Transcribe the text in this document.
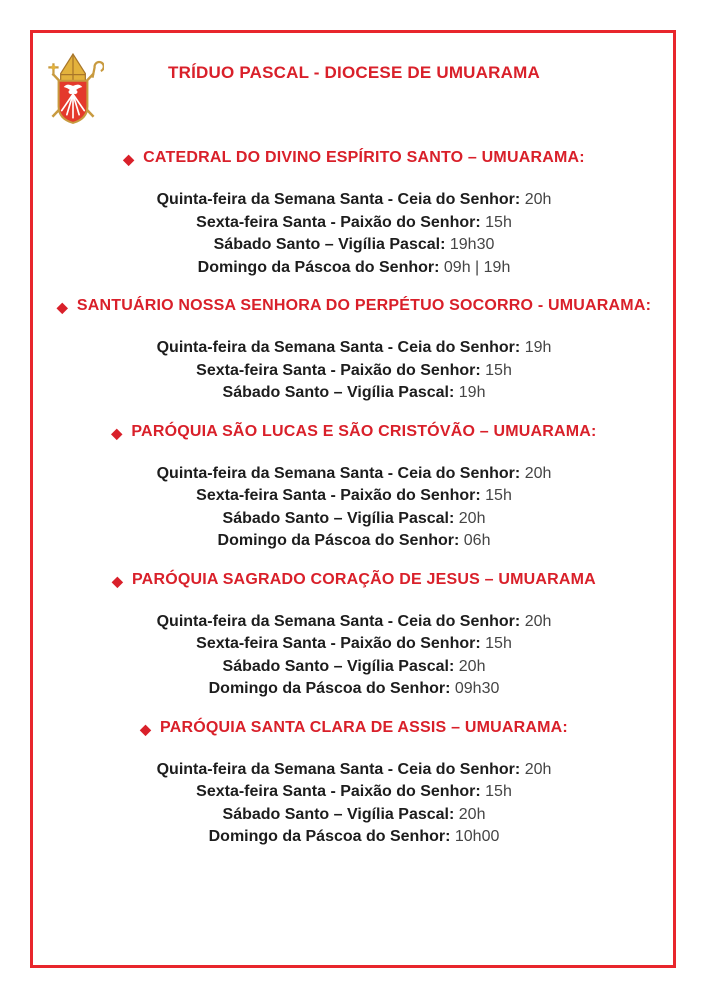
TRÍDUO PASCAL - DIOCESE DE UMUARAMA
◆ CATEDRAL DO DIVINO ESPÍRITO SANTO – UMUARAMA:

Quinta-feira da Semana Santa - Ceia do Senhor: 20h

Sexta-feira Santa - Paixão do Senhor: 15h

Sábado Santo – Vigília Pascal: 19h30

Domingo da Páscoa do Senhor: 09h | 19h

◆ SANTUÁRIO NOSSA SENHORA DO PERPÉTUO SOCORRO - UMUARAMA:

Quinta-feira da Semana Santa - Ceia do Senhor: 19h

Sexta-feira Santa - Paixão do Senhor: 15h

Sábado Santo – Vigília Pascal: 19h

◆ PARÓQUIA SÃO LUCAS E SÃO CRISTÓVÃO – UMUARAMA:

Quinta-feira da Semana Santa - Ceia do Senhor: 20h

Sexta-feira Santa - Paixão do Senhor: 15h

Sábado Santo – Vigília Pascal: 20h

Domingo da Páscoa do Senhor: 06h

◆ PARÓQUIA SAGRADO CORAÇÃO DE JESUS – UMUARAMA

Quinta-feira da Semana Santa - Ceia do Senhor: 20h

Sexta-feira Santa - Paixão do Senhor: 15h

Sábado Santo – Vigília Pascal: 20h

Domingo da Páscoa do Senhor: 09h30

◆ PARÓQUIA SANTA CLARA DE ASSIS – UMUARAMA:

Quinta-feira da Semana Santa - Ceia do Senhor: 20h

Sexta-feira Santa - Paixão do Senhor: 15h

Sábado Santo – Vigília Pascal: 20h

Domingo da Páscoa do Senhor: 10h00
